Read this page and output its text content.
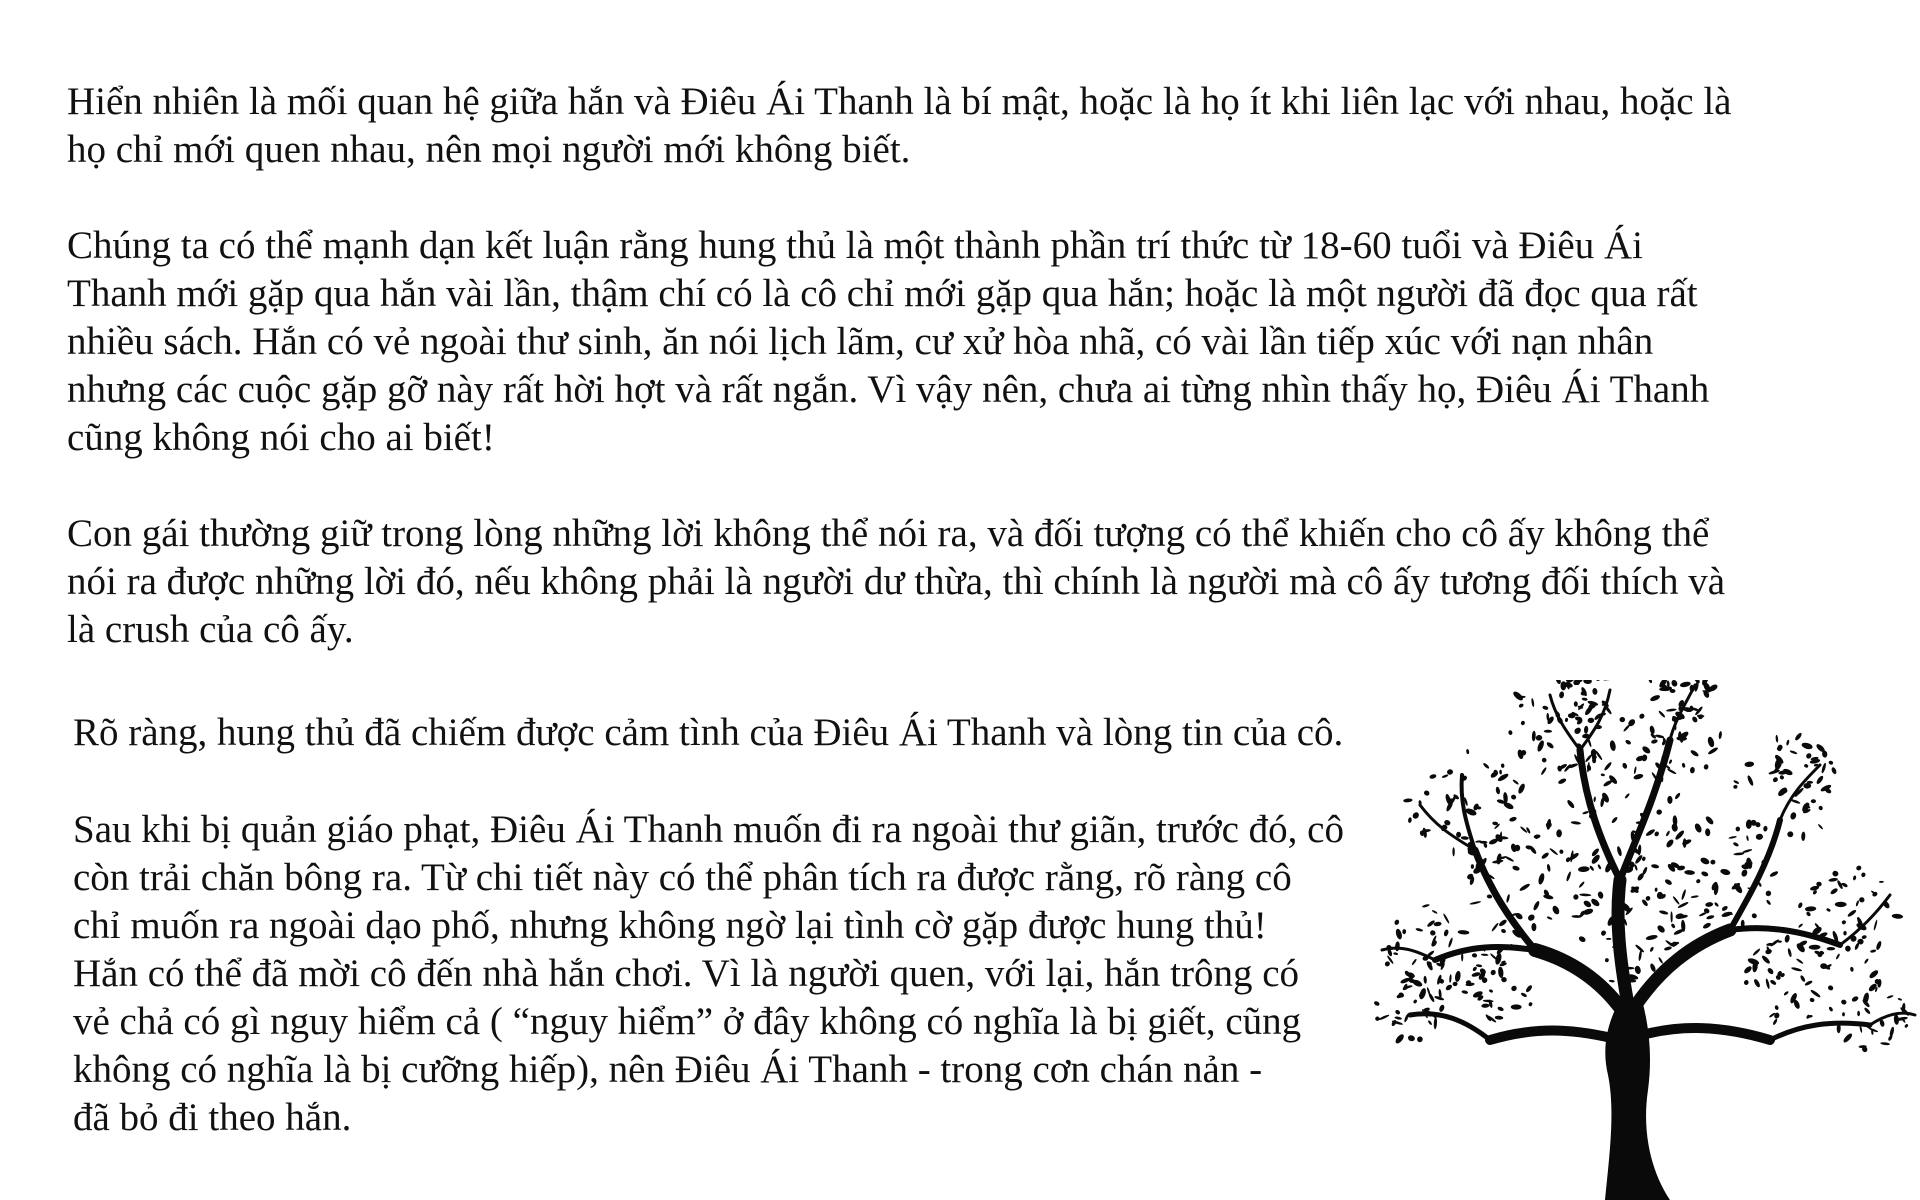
Hiển nhiên là mối quan hệ giữa hắn và Điêu Ái Thanh là bí mật, hoặc là họ ít khi liên lạc với nhau, hoặc là
họ chỉ mới quen nhau, nên mọi người mới không biết.

Chúng ta có thể mạnh dạn kết luận rằng hung thủ là một thành phần trí thức từ 18-60 tuổi và Điêu Ái
Thanh mới gặp qua hắn vài lần, thậm chí có là cô chỉ mới gặp qua hắn; hoặc là một người đã đọc qua rất
nhiều sách. Hắn có vẻ ngoài thư sinh, ăn nói lịch lãm, cư xử hòa nhã, có vài lần tiếp xúc với nạn nhân
nhưng các cuộc gặp gỡ này rất hời hợt và rất ngắn. Vì vậy nên, chưa ai từng nhìn thấy họ, Điêu Ái Thanh
cũng không nói cho ai biết!

Con gái thường giữ trong lòng những lời không thể nói ra, và đối tượng có thể khiến cho cô ấy không thể
nói ra được những lời đó, nếu không phải là người dư thừa, thì chính là người mà cô ấy tương đối thích và
là crush của cô ấy.

Rõ ràng, hung thủ đã chiếm được cảm tình của Điêu Ái Thanh và lòng tin của cô.

Sau khi bị quản giáo phạt, Điêu Ái Thanh muốn đi ra ngoài thư giãn, trước đó, cô
còn trải chăn bông ra. Từ chi tiết này có thể phân tích ra được rằng, rõ ràng cô
chỉ muốn ra ngoài dạo phố, nhưng không ngờ lại tình cờ gặp được hung thủ!
Hắn có thể đã mời cô đến nhà hắn chơi. Vì là người quen, với lại, hắn trông có
vẻ chả có gì nguy hiểm cả ( “nguy hiểm” ở đây không có nghĩa là bị giết, cũng
không có nghĩa là bị cưỡng hiếp), nên Điêu Ái Thanh - trong cơn chán nản -
đã bỏ đi theo hắn.
